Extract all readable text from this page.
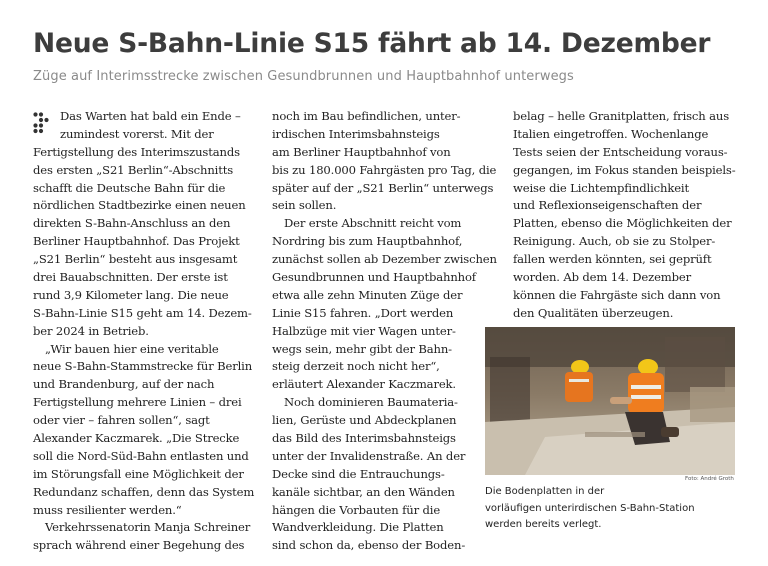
Neue S-Bahn-Linie S15 fährt ab 14. Dezember

Züge auf Interimsstrecke zwischen Gesundbrunnen und Hauptbahnhof unterwegs

Das Warten hat bald ein Ende –
zumindest vorerst. Mit der
Fertigstellung des Interimszustands
des ersten „S21 Berlin“-Abschnitts
schafft die Deutsche Bahn für die
nördlichen Stadtbezirke einen neuen
direkten S-Bahn-Anschluss an den
Berliner Hauptbahnhof. Das Projekt
„S21 Berlin“ besteht aus insgesamt
drei Bauabschnitten. Der erste ist
rund 3,9 Kilometer lang. Die neue
S-Bahn-Linie S15 geht am 14. Dezem-
ber 2024 in Betrieb.
„Wir bauen hier eine veritable
neue S-Bahn-Stammstrecke für Berlin
und Brandenburg, auf der nach
Fertigstellung mehrere Linien – drei
oder vier – fahren sollen“, sagt
Alexander Kaczmarek. „Die Strecke
soll die Nord-Süd-Bahn entlasten und
im Störungsfall eine Möglichkeit der
Redundanz schaffen, denn das System
muss resilienter werden.“
Verkehrssenatorin Manja Schreiner
sprach während einer Begehung des
noch im Bau befindlichen, unter-
irdischen Interimsbahnsteigs
am Berliner Hauptbahnhof von
bis zu 180.000 Fahrgästen pro Tag, die
später auf der „S21 Berlin“ unterwegs
sein sollen.
Der erste Abschnitt reicht vom
Nordring bis zum Hauptbahnhof,
zunächst sollen ab Dezember zwischen
Gesundbrunnen und Hauptbahnhof
etwa alle zehn Minuten Züge der
Linie S15 fahren. „Dort werden
Halbzüge mit vier Wagen unter-
wegs sein, mehr gibt der Bahn-
steig derzeit noch nicht her“,
erläutert Alexander Kaczmarek.
Noch dominieren Baumateria-
lien, Gerüste und Abdeckplanen
das Bild des Interimsbahnsteigs
unter der Invalidenstraße. An der
Decke sind die Entrauchungs-
kanäle sichtbar, an den Wänden
hängen die Vorbauten für die
Wandverkleidung. Die Platten
sind schon da, ebenso der Boden-
belag – helle Granitplatten, frisch aus
Italien eingetroffen. Wochenlange
Tests seien der Entscheidung voraus-
gegangen, im Fokus standen beispiels-
weise die Lichtempfindlichkeit
und Reflexionseigenschaften der
Platten, ebenso die Möglichkeiten der
Reinigung. Auch, ob sie zu Stolper-
fallen werden könnten, sei geprüft
worden. Ab dem 14. Dezember
können die Fahrgäste sich dann von
den Qualitäten überzeugen.
Foto: André Groth
Die Bodenplatten in der
vorläufigen unterirdischen S-Bahn-Station
werden bereits verlegt.
